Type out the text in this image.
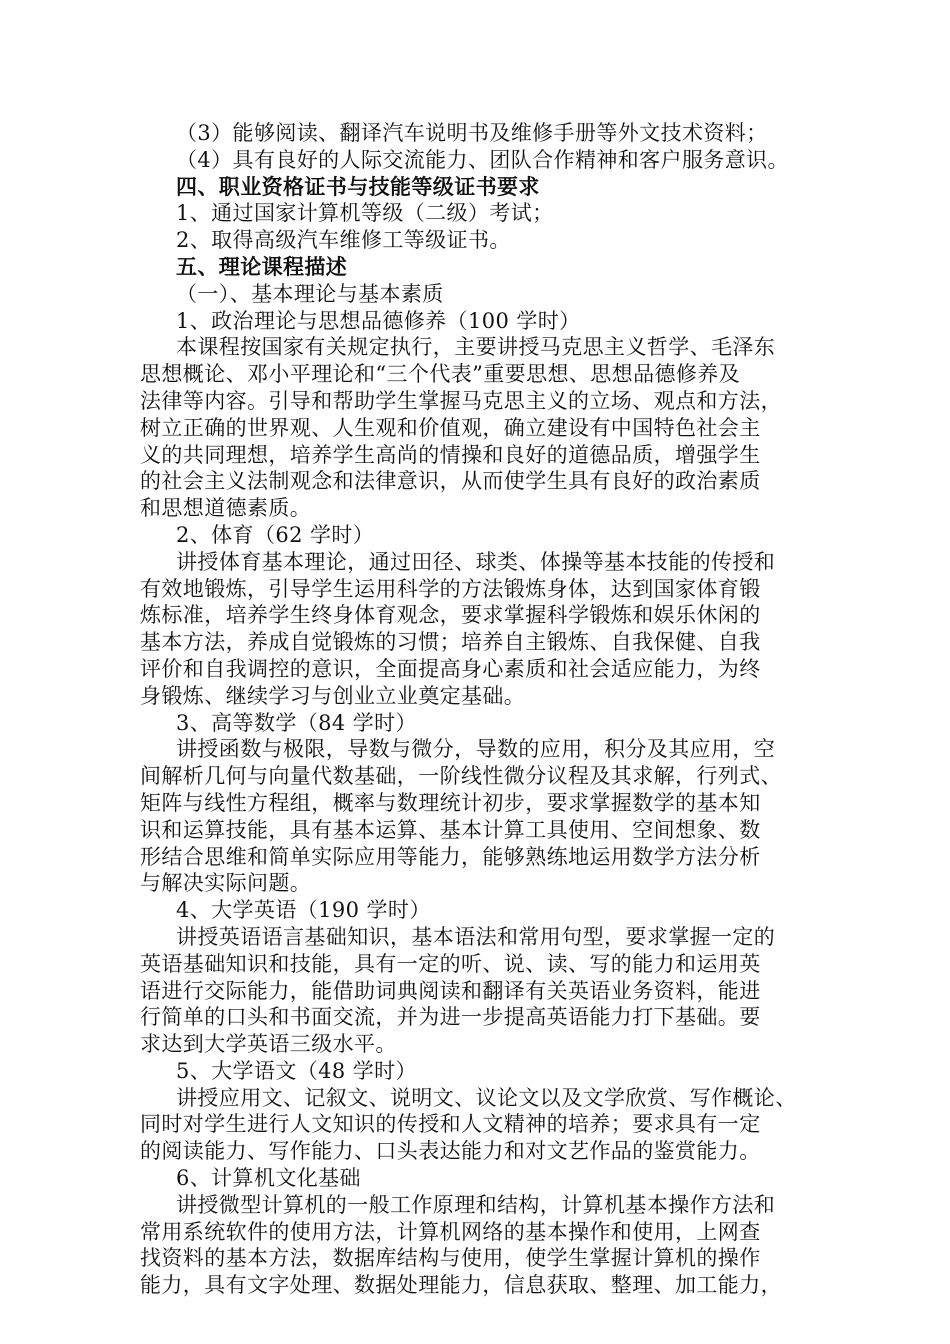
（3）能够阅读、翻译汽车说明书及维修手册等外文技术资料；
（4）具有良好的人际交流能力、团队合作精神和客户服务意识。
四、职业资格证书与技能等级证书要求
1、通过国家计算机等级（二级）考试；
2、取得高级汽车维修工等级证书。
五、理论课程描述
（一）、基本理论与基本素质
1、政治理论与思想品德修养（100 学时）
本课程按国家有关规定执行，主要讲授马克思主义哲学、毛泽东
思想概论、邓小平理论和“三个代表”重要思想、思想品德修养及
法律等内容。引导和帮助学生掌握马克思主义的立场、观点和方法，
树立正确的世界观、人生观和价值观，确立建设有中国特色社会主
义的共同理想，培养学生高尚的情操和良好的道德品质，增强学生
的社会主义法制观念和法律意识，从而使学生具有良好的政治素质
和思想道德素质。
2、体育（62 学时）
讲授体育基本理论，通过田径、球类、体操等基本技能的传授和
有效地锻炼，引导学生运用科学的方法锻炼身体，达到国家体育锻
炼标准，培养学生终身体育观念，要求掌握科学锻炼和娱乐休闲的
基本方法，养成自觉锻炼的习惯；培养自主锻炼、自我保健、自我
评价和自我调控的意识，全面提高身心素质和社会适应能力，为终
身锻炼、继续学习与创业立业奠定基础。
3、高等数学（84 学时）
讲授函数与极限，导数与微分，导数的应用，积分及其应用，空
间解析几何与向量代数基础，一阶线性微分议程及其求解，行列式、
矩阵与线性方程组，概率与数理统计初步，要求掌握数学的基本知
识和运算技能，具有基本运算、基本计算工具使用、空间想象、数
形结合思维和简单实际应用等能力，能够熟练地运用数学方法分析
与解决实际问题。
4、大学英语（190 学时）
讲授英语语言基础知识，基本语法和常用句型，要求掌握一定的
英语基础知识和技能，具有一定的听、说、读、写的能力和运用英
语进行交际能力，能借助词典阅读和翻译有关英语业务资料，能进
行简单的口头和书面交流，并为进一步提高英语能力打下基础。要
求达到大学英语三级水平。
5、大学语文（48 学时）
讲授应用文、记叙文、说明文、议论文以及文学欣赏、写作概论、
同时对学生进行人文知识的传授和人文精神的培养；要求具有一定
的阅读能力、写作能力、口头表达能力和对文艺作品的鉴赏能力。
6、计算机文化基础
讲授微型计算机的一般工作原理和结构，计算机基本操作方法和
常用系统软件的使用方法，计算机网络的基本操作和使用，上网查
找资料的基本方法，数据库结构与使用，使学生掌握计算机的操作
能力，具有文字处理、数据处理能力，信息获取、整理、加工能力，
